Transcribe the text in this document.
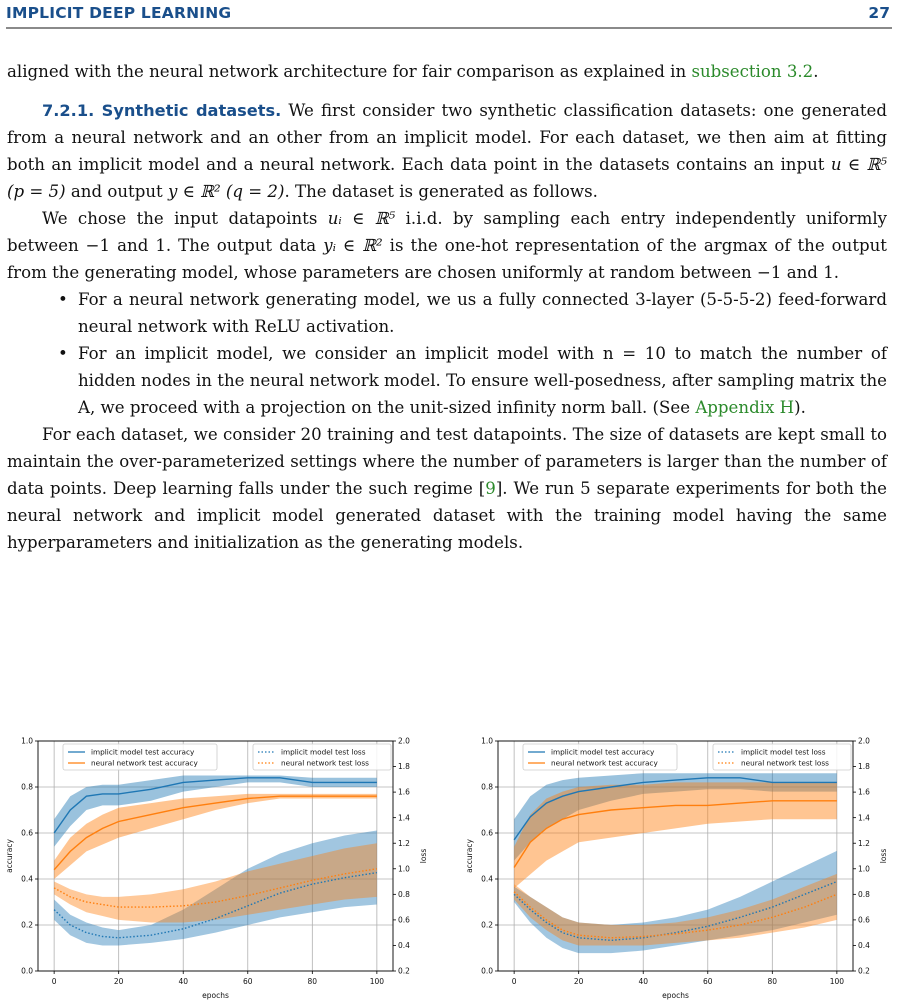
IMPLICIT DEEP LEARNING	27

aligned with the neural network architecture for fair comparison as explained in subsection 3.2.

7.2.1. Synthetic datasets. We first consider two synthetic classification datasets: one generated from a neural network and an other from an implicit model. For each dataset, we then aim at fitting both an implicit model and a neural network. Each data point in the datasets contains an input u ∈ ℝ⁵ (p = 5) and output y ∈ ℝ² (q = 2). The dataset is generated as follows.

We chose the input datapoints uᵢ ∈ ℝ⁵ i.i.d. by sampling each entry independently uniformly between −1 and 1. The output data yᵢ ∈ ℝ² is the one-hot representation of the argmax of the output from the generating model, whose parameters are chosen uniformly at random between −1 and 1.

• For a neural network generating model, we us a fully connected 3-layer (5-5-5-2) feed-forward neural network with ReLU activation.
• For an implicit model, we consider an implicit model with n = 10 to match the number of hidden nodes in the neural network model. To ensure well-posedness, after sampling matrix the A, we proceed with a projection on the unit-sized infinity norm ball. (See Appendix H).

For each dataset, we consider 20 training and test datapoints. The size of datasets are kept small to maintain the over-parameterized settings where the number of parameters is larger than the number of data points. Deep learning falls under the such regime [9]. We run 5 separate experiments for both the neural network and implicit model generated dataset with the training model having the same hyperparameters and initialization as the generating models.

0	20	40	60	80	100
0.0
0.2
0.4
0.6
0.8
1.0
0.2
0.4
0.6
0.8
1.0
1.2
1.4
1.6
1.8
2.0
epochs
accuracy	loss
implicit model test accuracy
neural network test accuracy
implicit model test loss
neural network test loss
0	20	40	60	80	100
0.0
0.2
0.4
0.6
0.8
1.0
0.2
0.4
0.6
0.8
1.0
1.2
1.4
1.6
1.8
2.0
epochs
accuracy	loss
implicit model test accuracy
neural network test accuracy
implicit model test loss
neural network test loss
